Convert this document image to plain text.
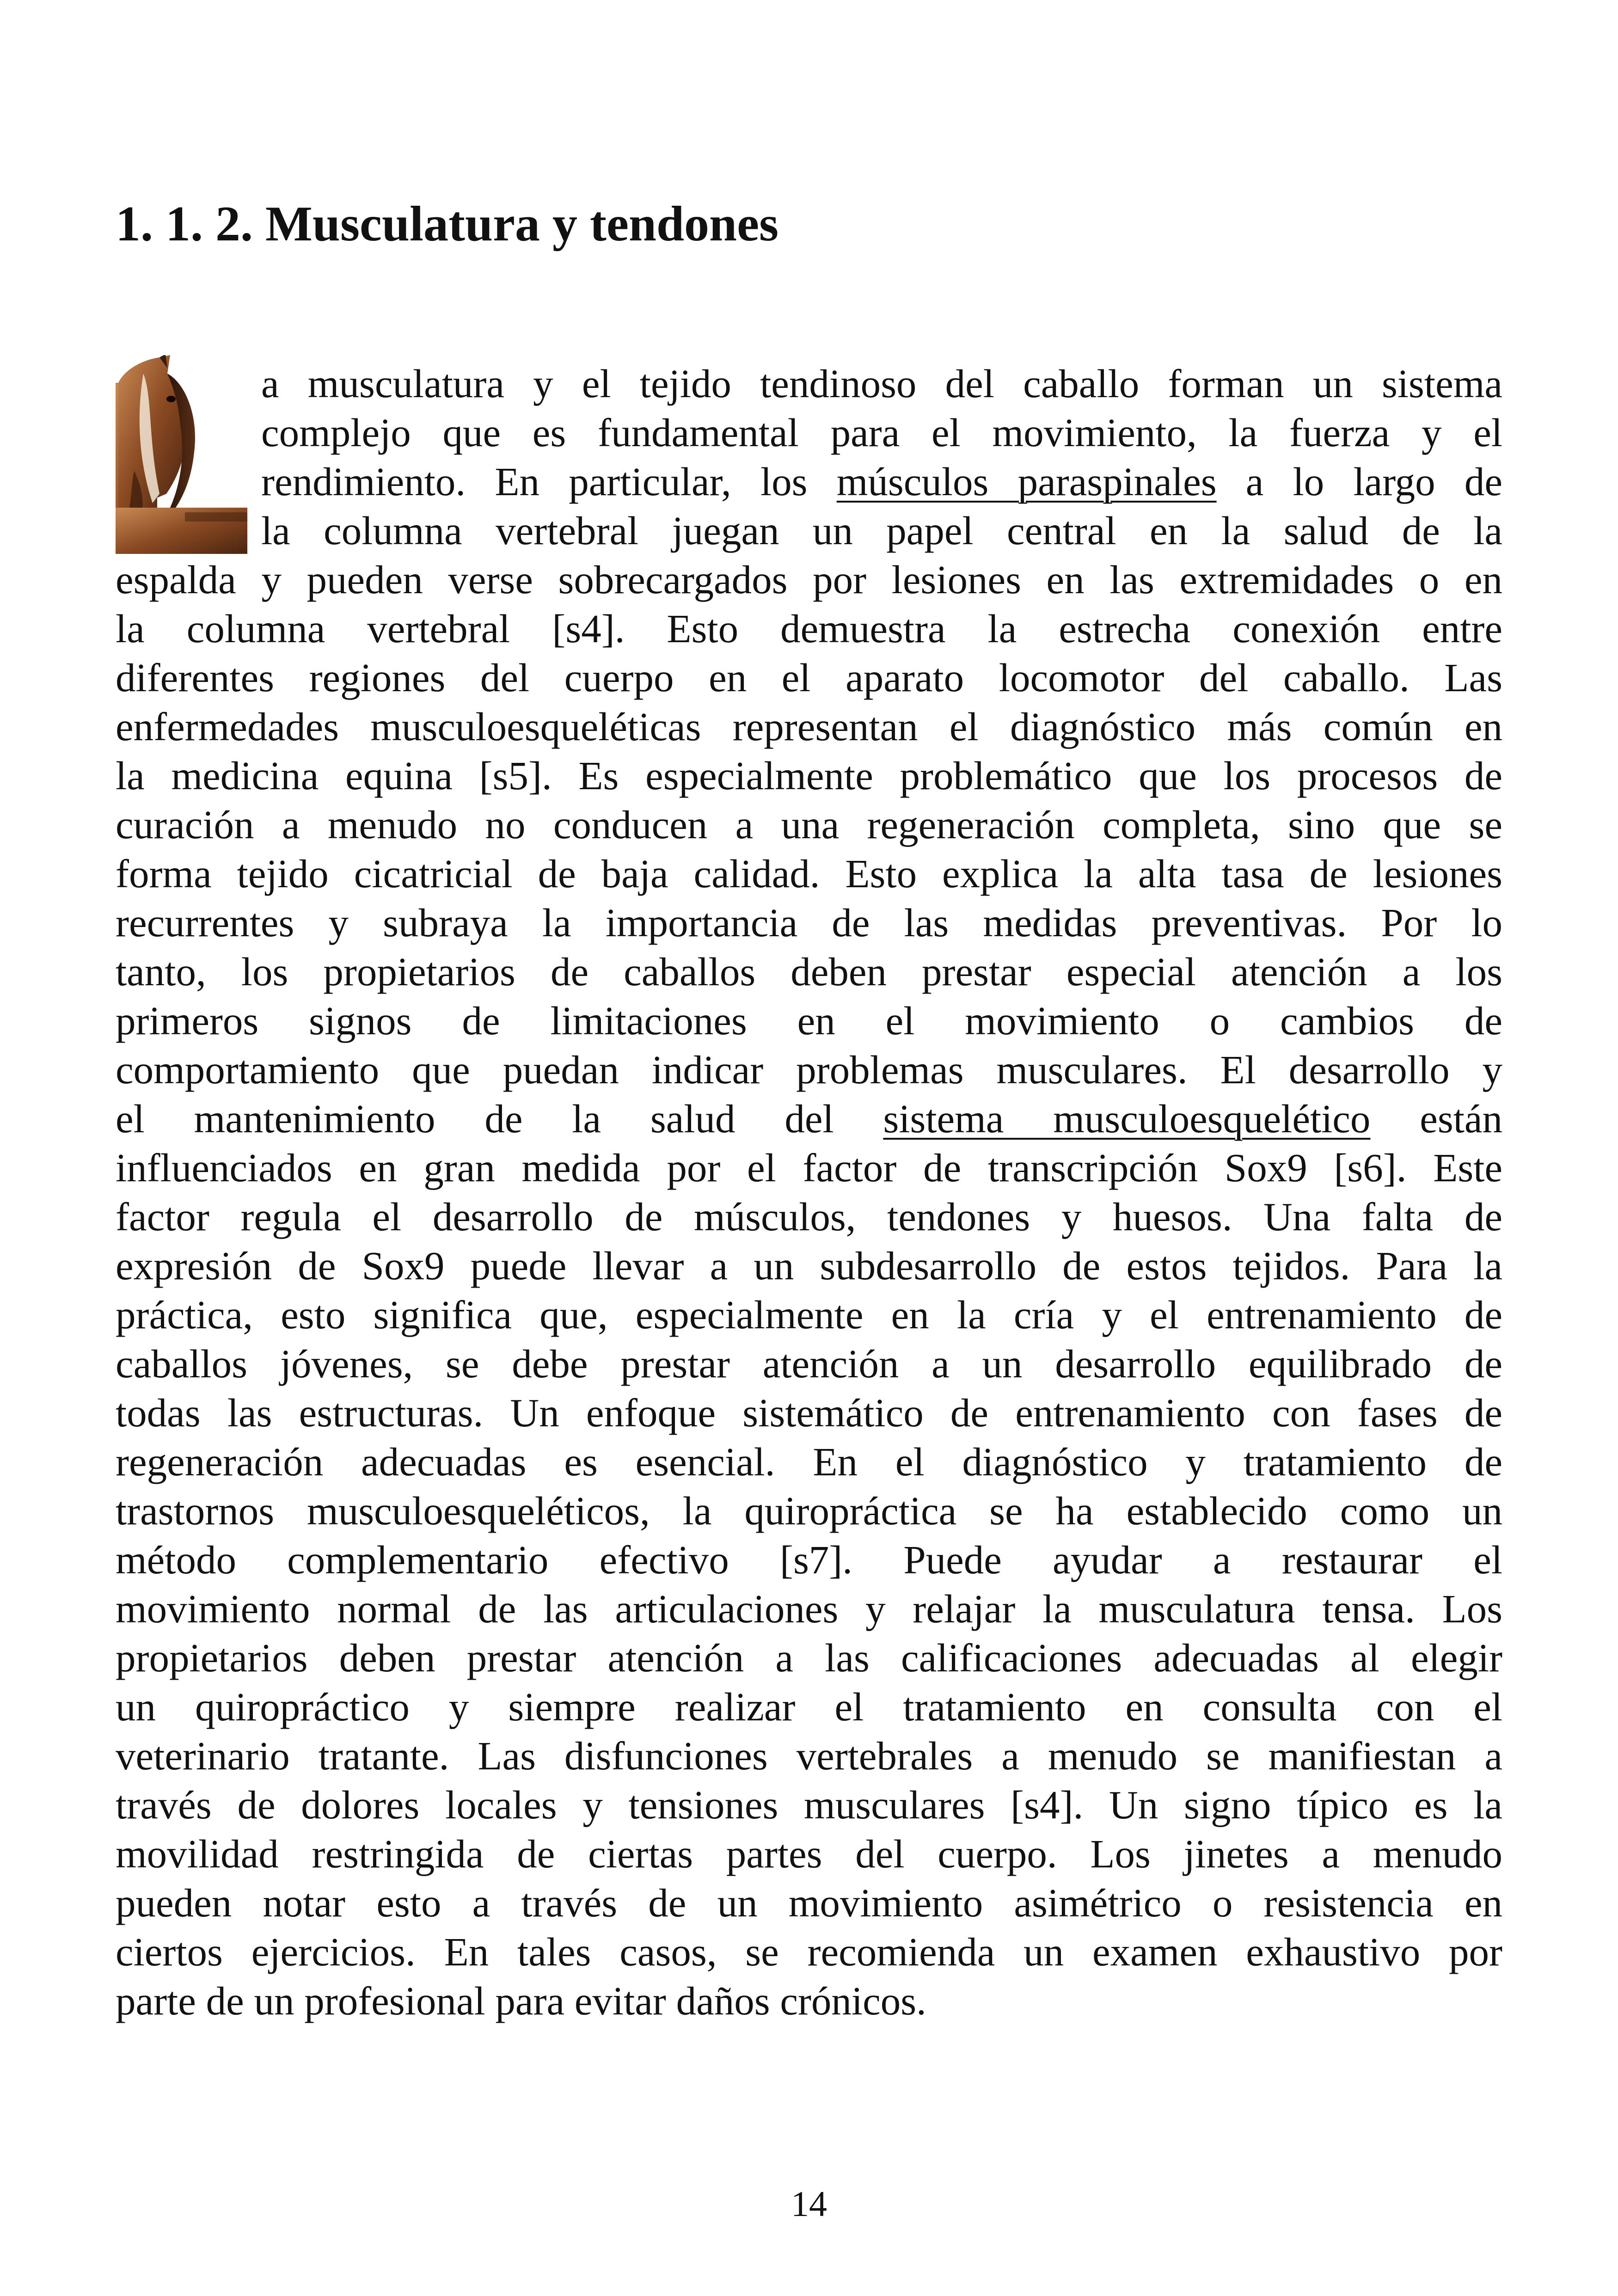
1. 1. 2. Musculatura y tendones

a musculatura y el tejido tendinoso del caballo forman un sistema

complejo que es fundamental para el movimiento, la fuerza y el

rendimiento. En particular, los músculos paraspinales a lo largo de

la columna vertebral juegan un papel central en la salud de la

espalda y pueden verse sobrecargados por lesiones en las extremidades o en

la columna vertebral [s4]. Esto demuestra la estrecha conexión entre

diferentes regiones del cuerpo en el aparato locomotor del caballo. Las

enfermedades musculoesqueléticas representan el diagnóstico más común en

la medicina equina [s5]. Es especialmente problemático que los procesos de

curación a menudo no conducen a una regeneración completa, sino que se

forma tejido cicatricial de baja calidad. Esto explica la alta tasa de lesiones

recurrentes y subraya la importancia de las medidas preventivas. Por lo

tanto, los propietarios de caballos deben prestar especial atención a los

primeros signos de limitaciones en el movimiento o cambios de

comportamiento que puedan indicar problemas musculares. El desarrollo y

el mantenimiento de la salud del sistema musculoesquelético están

influenciados en gran medida por el factor de transcripción Sox9 [s6]. Este

factor regula el desarrollo de músculos, tendones y huesos. Una falta de

expresión de Sox9 puede llevar a un subdesarrollo de estos tejidos. Para la

práctica, esto significa que, especialmente en la cría y el entrenamiento de

caballos jóvenes, se debe prestar atención a un desarrollo equilibrado de

todas las estructuras. Un enfoque sistemático de entrenamiento con fases de

regeneración adecuadas es esencial. En el diagnóstico y tratamiento de

trastornos musculoesqueléticos, la quiropráctica se ha establecido como un

método complementario efectivo [s7]. Puede ayudar a restaurar el

movimiento normal de las articulaciones y relajar la musculatura tensa. Los

propietarios deben prestar atención a las calificaciones adecuadas al elegir

un quiropráctico y siempre realizar el tratamiento en consulta con el

veterinario tratante. Las disfunciones vertebrales a menudo se manifiestan a

través de dolores locales y tensiones musculares [s4]. Un signo típico es la

movilidad restringida de ciertas partes del cuerpo. Los jinetes a menudo

pueden notar esto a través de un movimiento asimétrico o resistencia en

ciertos ejercicios. En tales casos, se recomienda un examen exhaustivo por

parte de un profesional para evitar daños crónicos.

14
